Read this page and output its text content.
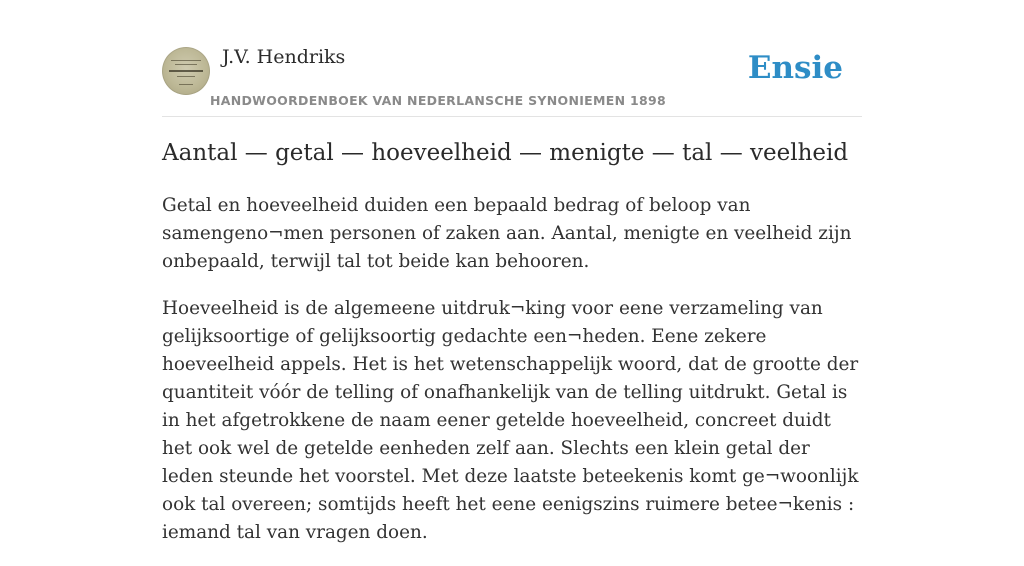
J.V. Hendriks
HANDWOORDENBOEK VAN NEDERLANSCHE SYNONIEMEN 1898
Ensie
Aantal — getal — hoeveelheid — menigte — tal — veelheid

Getal en hoeveelheid duiden een bepaald bedrag of beloop van samengeno¬men personen of zaken aan. Aantal, menigte en veelheid zijn onbepaald, terwijl tal tot beide kan behooren.

Hoeveelheid is de algemeene uitdruk¬king voor eene verzameling van gelijksoortige of gelijksoortig gedachte een¬heden. Eene zekere hoeveelheid appels. Het is het wetenschappelijk woord, dat de grootte der quantiteit vóór de telling of onafhankelijk van de telling uitdrukt. Getal is in het afgetrokkene de naam eener getelde hoeveelheid, concreet duidt het ook wel de getelde eenheden zelf aan. Slechts een klein getal der leden steunde het voorstel. Met deze laatste beteekenis komt ge¬woonlijk ook tal overeen; somtijds heeft het eene eenigszins ruimere betee¬kenis : iemand tal van vragen doen.
